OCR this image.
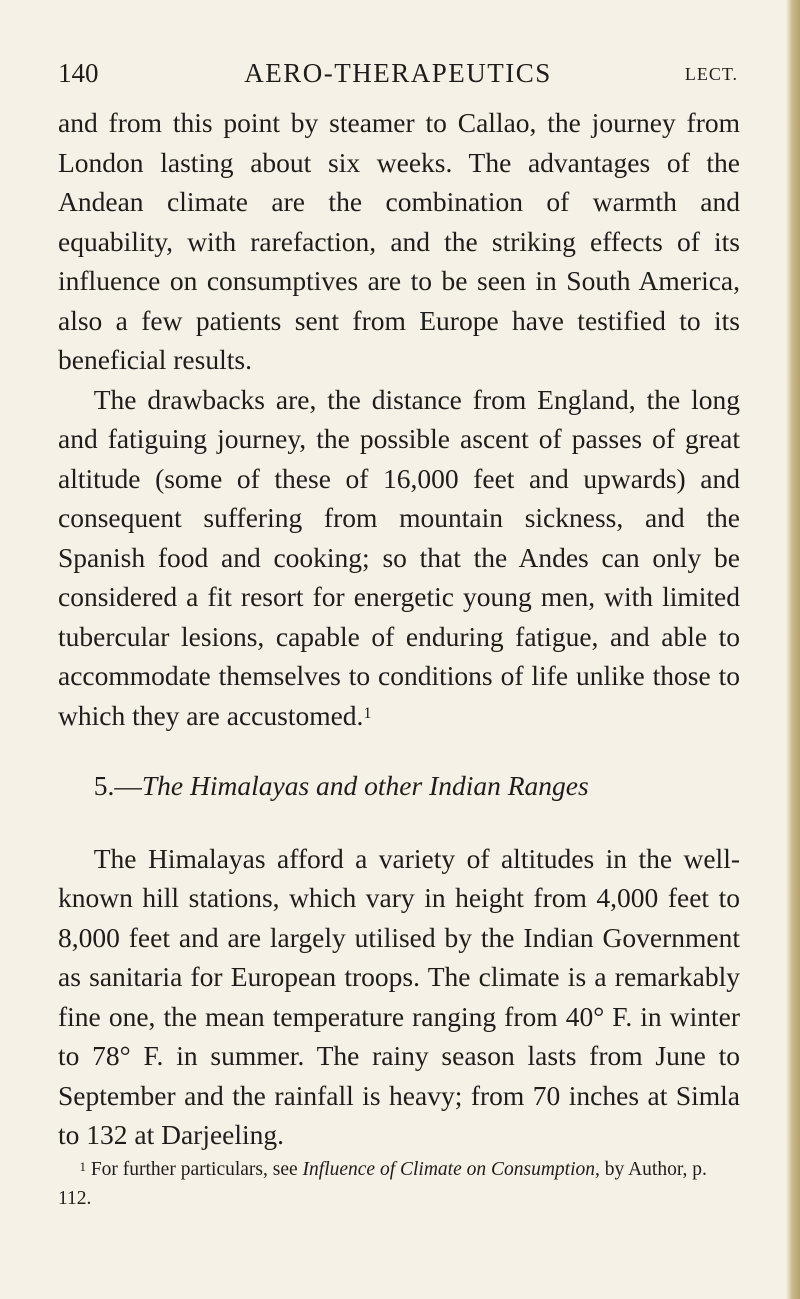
140	AERO-THERAPEUTICS	LECT.

and from this point by steamer to Callao, the journey from London lasting about six weeks. The advantages of the Andean climate are the combination of warmth and equability, with rarefaction, and the striking effects of its influence on consumptives are to be seen in South America, also a few patients sent from Europe have testified to its beneficial results.

The drawbacks are, the distance from England, the long and fatiguing journey, the possible ascent of passes of great altitude (some of these of 16,000 feet and upwards) and consequent suffering from mountain sickness, and the Spanish food and cooking; so that the Andes can only be considered a fit resort for energetic young men, with limited tubercular lesions, capable of enduring fatigue, and able to accommodate themselves to conditions of life unlike those to which they are accustomed.$^1$

5.—The Himalayas and other Indian Ranges

The Himalayas afford a variety of altitudes in the well-known hill stations, which vary in height from 4,000 feet to 8,000 feet and are largely utilised by the Indian Government as sanitaria for European troops. The climate is a remarkably fine one, the mean temperature ranging from 40° F. in winter to 78° F. in summer. The rainy season lasts from June to September and the rainfall is heavy; from 70 inches at Simla to 132 at Darjeeling.

$^1$ For further particulars, see Influence of Climate on Consumption, by Author, p. 112.
